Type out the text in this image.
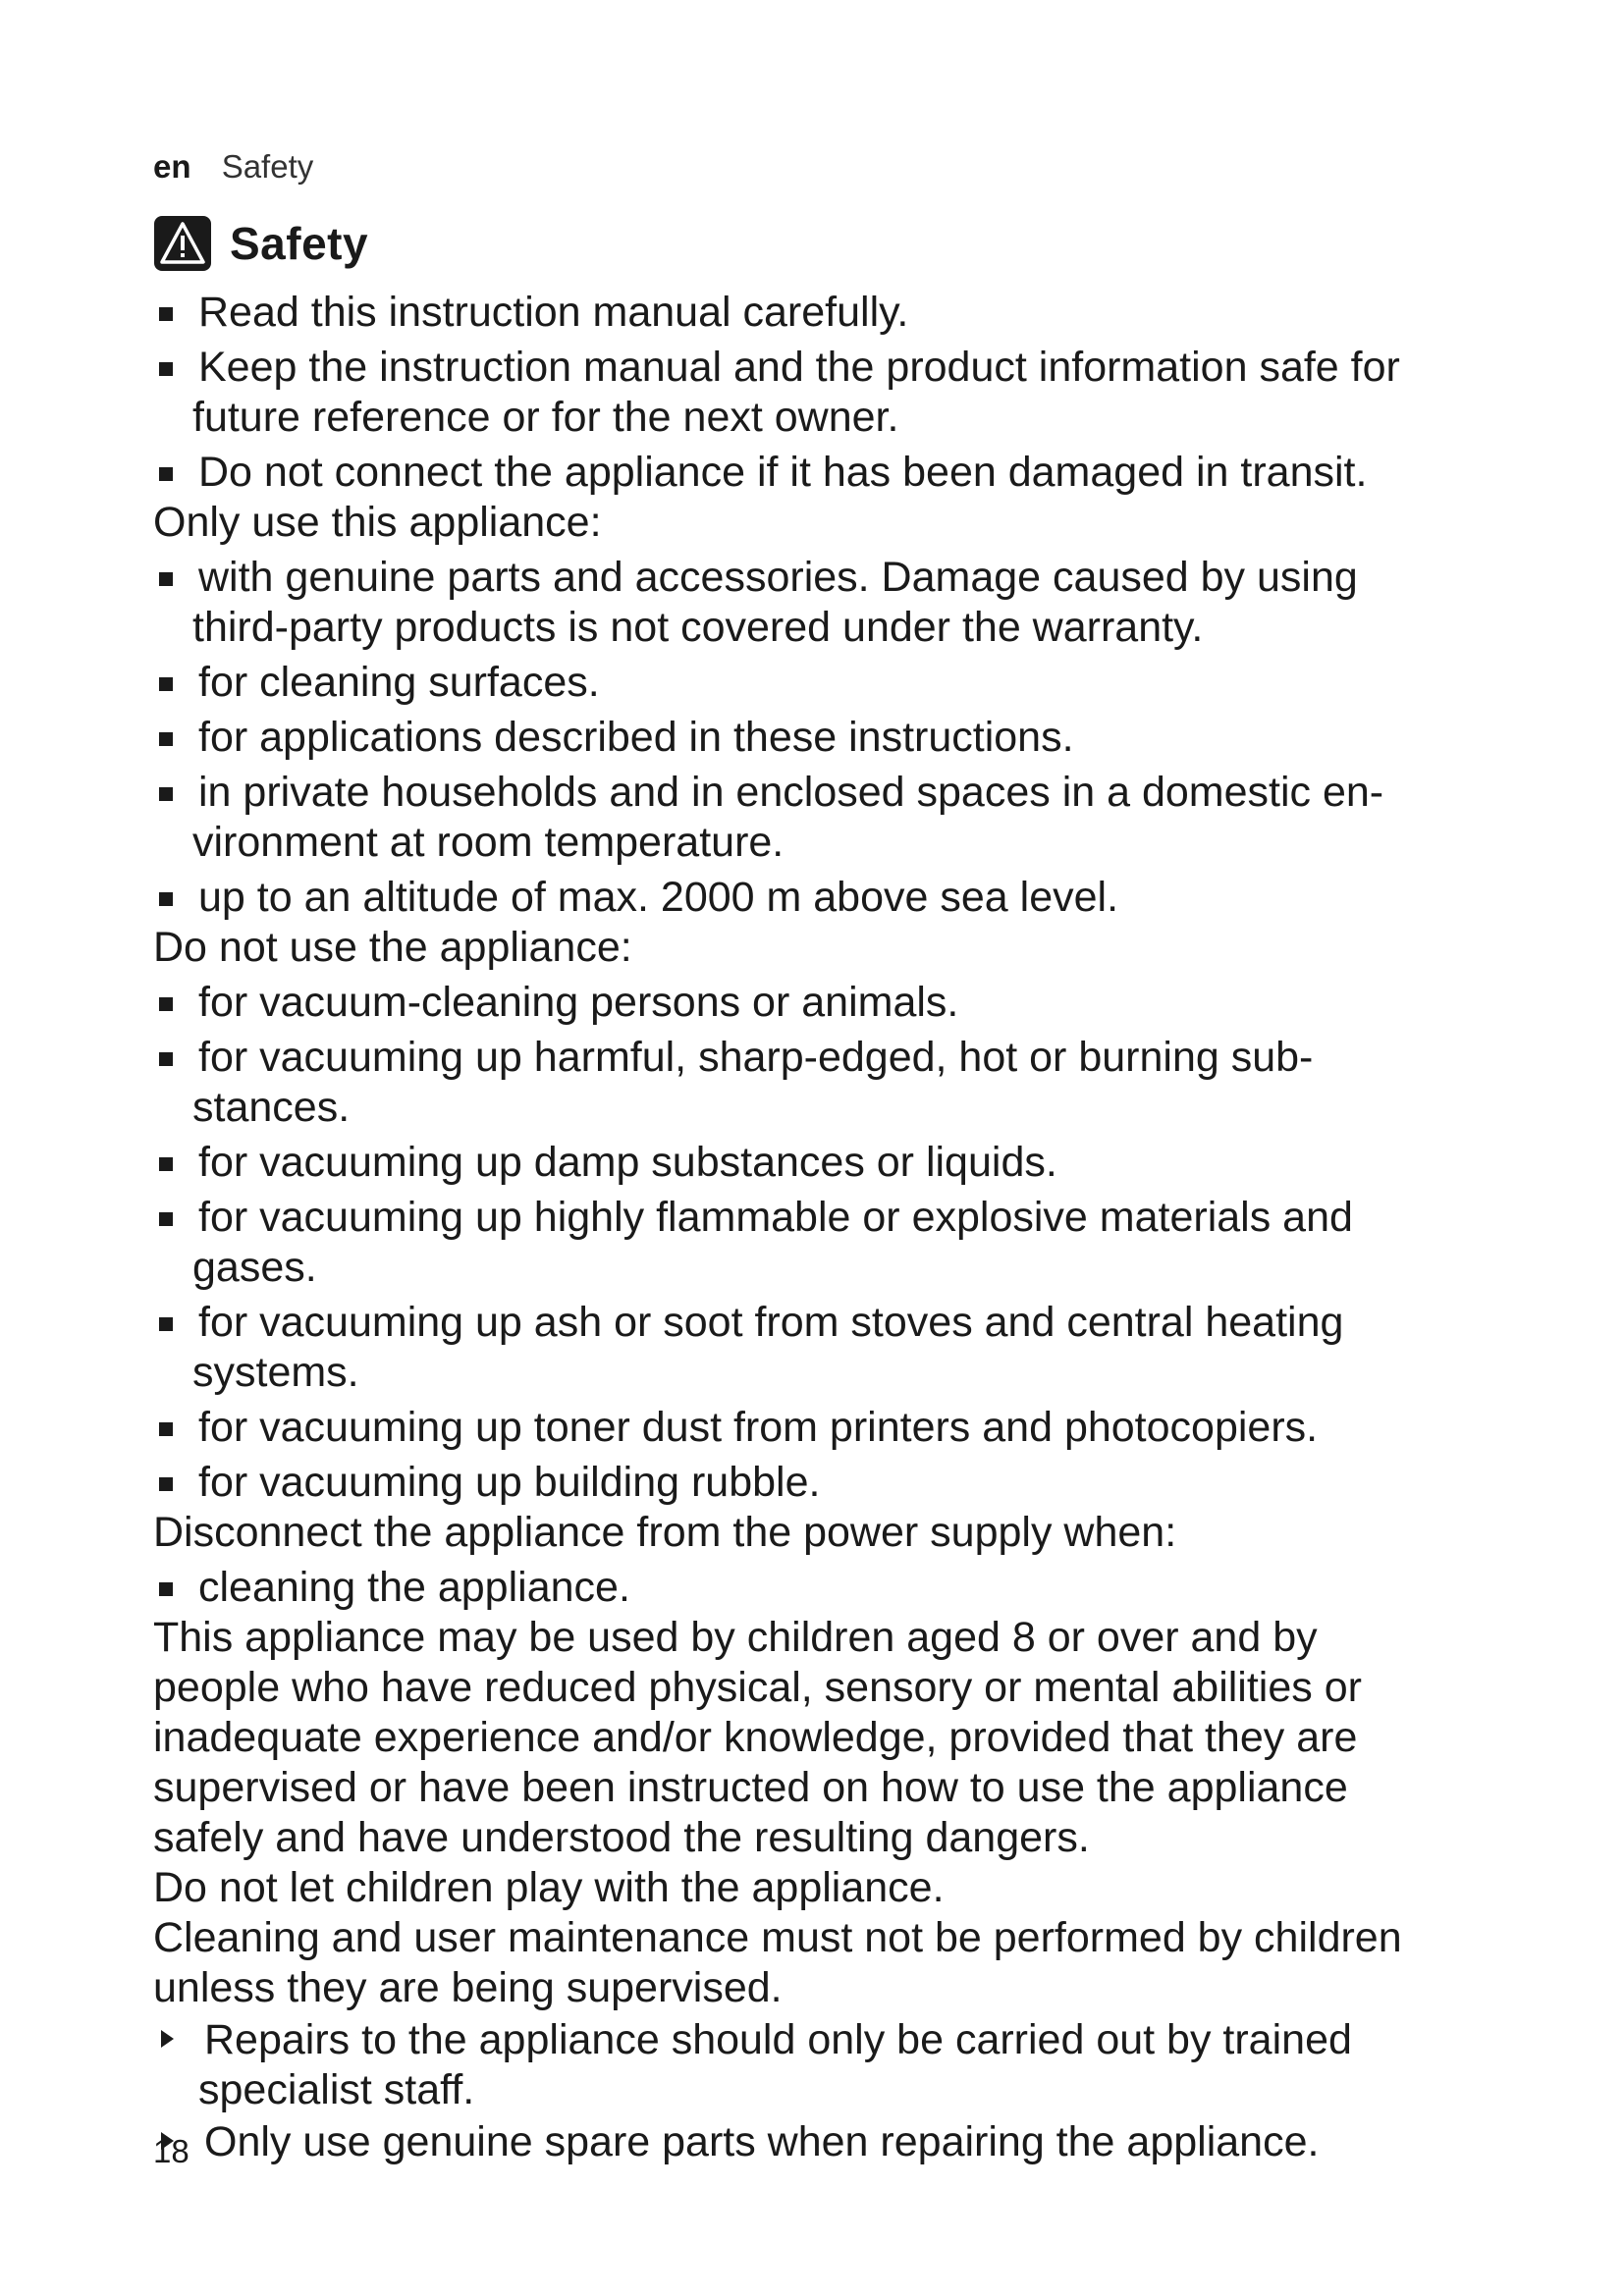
en Safety
Safety

Read this instruction manual carefully.

Keep the instruction manual and the product information safe for
future reference or for the next owner.

Do not connect the appliance if it has been damaged in transit.

Only use this appliance:

with genuine parts and accessories. Damage caused by using
third-party products is not covered under the warranty.

for cleaning surfaces.

for applications described in these instructions.

in private households and in enclosed spaces in a domestic en-
vironment at room temperature.

up to an altitude of max. 2000 m above sea level.

Do not use the appliance:

for vacuum-cleaning persons or animals.

for vacuuming up harmful, sharp-edged, hot or burning sub-
stances.

for vacuuming up damp substances or liquids.

for vacuuming up highly flammable or explosive materials and
gases.

for vacuuming up ash or soot from stoves and central heating
systems.

for vacuuming up toner dust from printers and photocopiers.

for vacuuming up building rubble.

Disconnect the appliance from the power supply when:

cleaning the appliance.

This appliance may be used by children aged 8 or over and by
people who have reduced physical, sensory or mental abilities or
inadequate experience and/or knowledge, provided that they are
supervised or have been instructed on how to use the appliance
safely and have understood the resulting dangers.

Do not let children play with the appliance.

Cleaning and user maintenance must not be performed by children
unless they are being supervised.

Repairs to the appliance should only be carried out by trained
specialist staff.

Only use genuine spare parts when repairing the appliance.

18
